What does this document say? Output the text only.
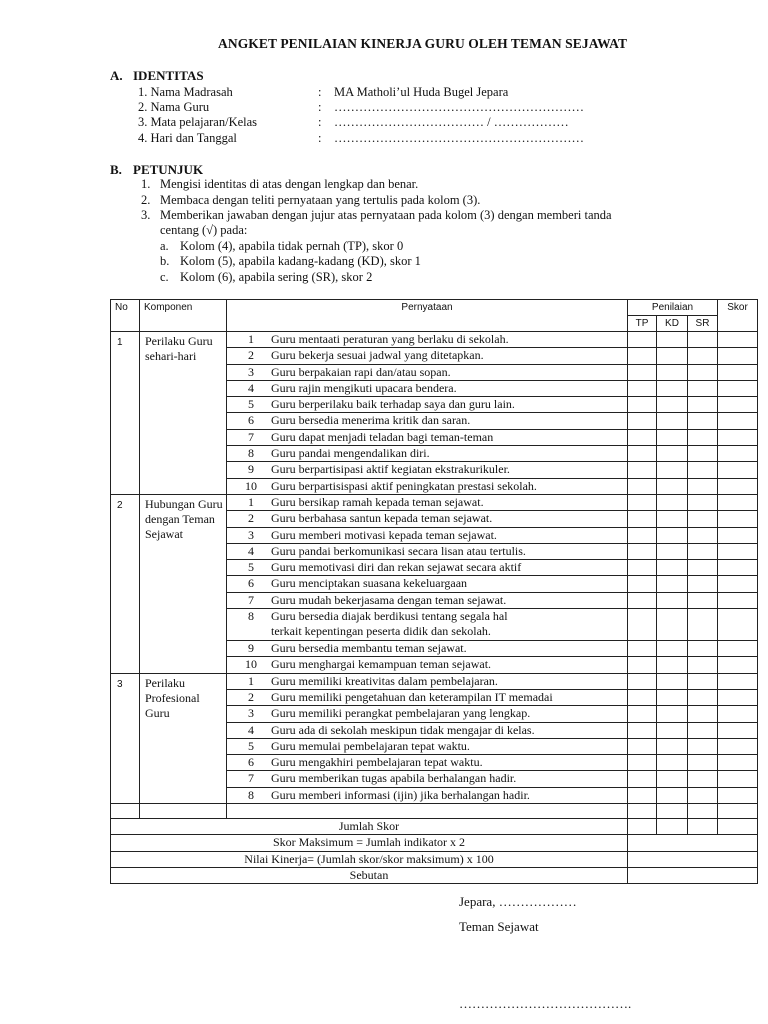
ANGKET PENILAIAN KINERJA GURU OLEH TEMAN SEJAWAT
A. IDENTITAS
1. Nama Madrasah	: MA Matholi’ul Huda Bugel Jepara
2. Nama Guru	: ……………………………………………………
3. Mata pelajaran/Kelas	: ……………………………… / ………………
4. Hari dan Tanggal	: ……………………………………………………
B. PETUNJUK
1. Mengisi identitas di atas dengan lengkap dan benar.
2. Membaca dengan teliti pernyataan yang tertulis pada kolom (3).
3. Memberikan jawaban dengan jujur atas pernyataan pada kolom (3) dengan memberi tanda
centang (√) pada:
a. Kolom (4), apabila tidak pernah (TP), skor 0
b. Kolom (5), apabila kadang-kadang (KD), skor 1
c. Kolom (6), apabila sering (SR), skor 2
No	Komponen	Pernyataan	Penilaian			Skor
			TP	KD	SR	
1	Perilaku Guru sehari-hari	1 Guru mentaati peraturan yang berlaku di sekolah.				
		2 Guru bekerja sesuai jadwal yang ditetapkan.				
		3 Guru berpakaian rapi dan/atau sopan.				
		4 Guru rajin mengikuti upacara bendera.				
		5 Guru berperilaku baik terhadap saya dan guru lain.				
		6 Guru bersedia menerima kritik dan saran.				
		7 Guru dapat menjadi teladan bagi teman-teman				
		8 Guru pandai mengendalikan diri.				
		9 Guru berpartisipasi aktif kegiatan ekstrakurikuler.				
		10 Guru berpartisispasi aktif peningkatan prestasi sekolah.				
2	Hubungan Guru dengan Teman Sejawat	1 Guru bersikap ramah kepada teman sejawat.				
		2 Guru berbahasa santun kepada teman sejawat.				
		3 Guru memberi motivasi kepada teman sejawat.				
		4 Guru pandai berkomunikasi secara lisan atau tertulis.				
		5 Guru memotivasi diri dan rekan sejawat secara aktif				
		6 Guru menciptakan suasana kekeluargaan				
		7 Guru mudah bekerjasama dengan teman sejawat.				
		8 Guru bersedia diajak berdikusi tentang segala hal
terkait kepentingan peserta didik dan sekolah.				
		9 Guru bersedia membantu teman sejawat.				
		10 Guru menghargai kemampuan teman sejawat.				
3	Perilaku Profesional Guru	1 Guru memiliki kreativitas dalam pembelajaran.				
		2 Guru memiliki pengetahuan dan keterampilan IT memadai				
		3 Guru memiliki perangkat pembelajaran yang lengkap.				
		4 Guru ada di sekolah meskipun tidak mengajar di kelas.				
		5 Guru memulai pembelajaran tepat waktu.				
		6 Guru mengakhiri pembelajaran tepat waktu.				
		7 Guru memberikan tugas apabila berhalangan hadir.				
		8 Guru memberi informasi (ijin) jika berhalangan hadir.				

Jumlah Skor						
Skor Maksimum = Jumlah indikator x 2						
Nilai Kinerja= (Jumlah skor/skor maksimum) x 100						
Sebutan						
Jepara, ………………
Teman Sejawat
………………………………….
